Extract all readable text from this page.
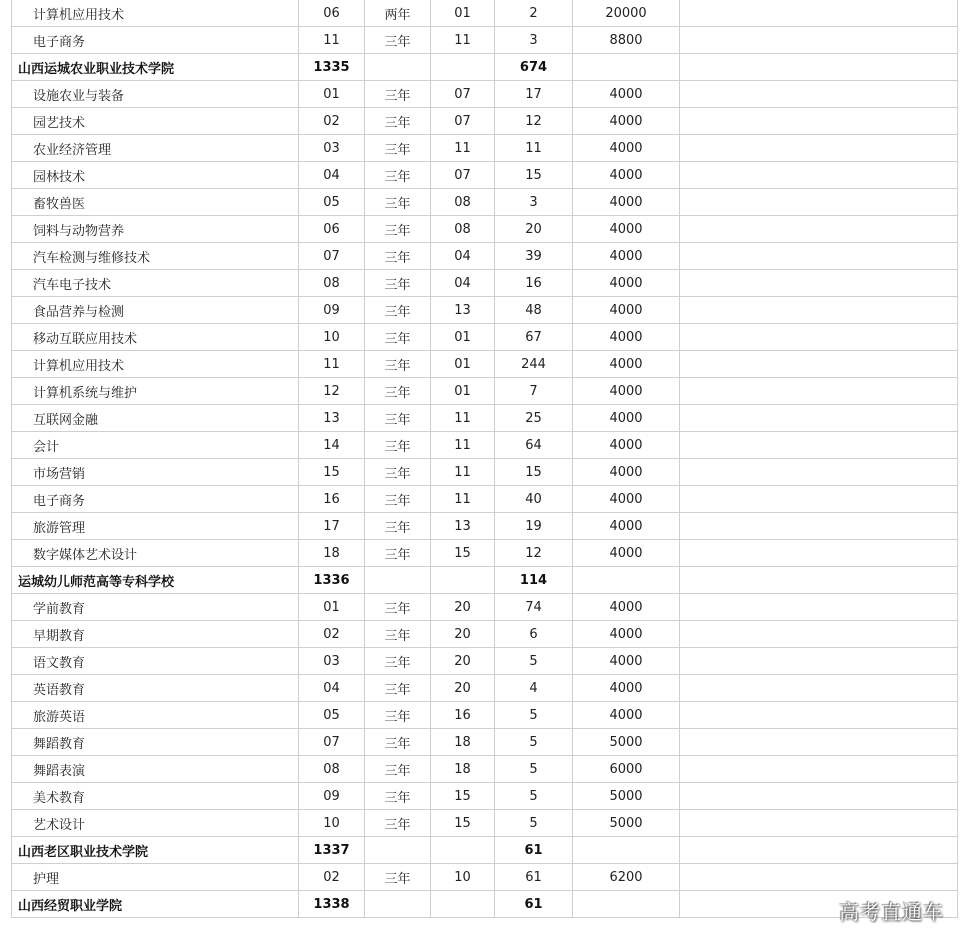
计算机应用技术	06	两年	01	2	20000	
电子商务	11	三年	11	3	8800	
山西运城农业职业技术学院	1335			674		
设施农业与装备	01	三年	07	17	4000	
园艺技术	02	三年	07	12	4000	
农业经济管理	03	三年	11	11	4000	
园林技术	04	三年	07	15	4000	
畜牧兽医	05	三年	08	3	4000	
饲料与动物营养	06	三年	08	20	4000	
汽车检测与维修技术	07	三年	04	39	4000	
汽车电子技术	08	三年	04	16	4000	
食品营养与检测	09	三年	13	48	4000	
移动互联应用技术	10	三年	01	67	4000	
计算机应用技术	11	三年	01	244	4000	
计算机系统与维护	12	三年	01	7	4000	
互联网金融	13	三年	11	25	4000	
会计	14	三年	11	64	4000	
市场营销	15	三年	11	15	4000	
电子商务	16	三年	11	40	4000	
旅游管理	17	三年	13	19	4000	
数字媒体艺术设计	18	三年	15	12	4000	
运城幼儿师范高等专科学校	1336			114		
学前教育	01	三年	20	74	4000	
早期教育	02	三年	20	6	4000	
语文教育	03	三年	20	5	4000	
英语教育	04	三年	20	4	4000	
旅游英语	05	三年	16	5	4000	
舞蹈教育	07	三年	18	5	5000	
舞蹈表演	08	三年	18	5	6000	
美术教育	09	三年	15	5	5000	
艺术设计	10	三年	15	5	5000	
山西老区职业技术学院	1337			61		
护理	02	三年	10	61	6200	
山西经贸职业学院	1338			61			高考直通车
